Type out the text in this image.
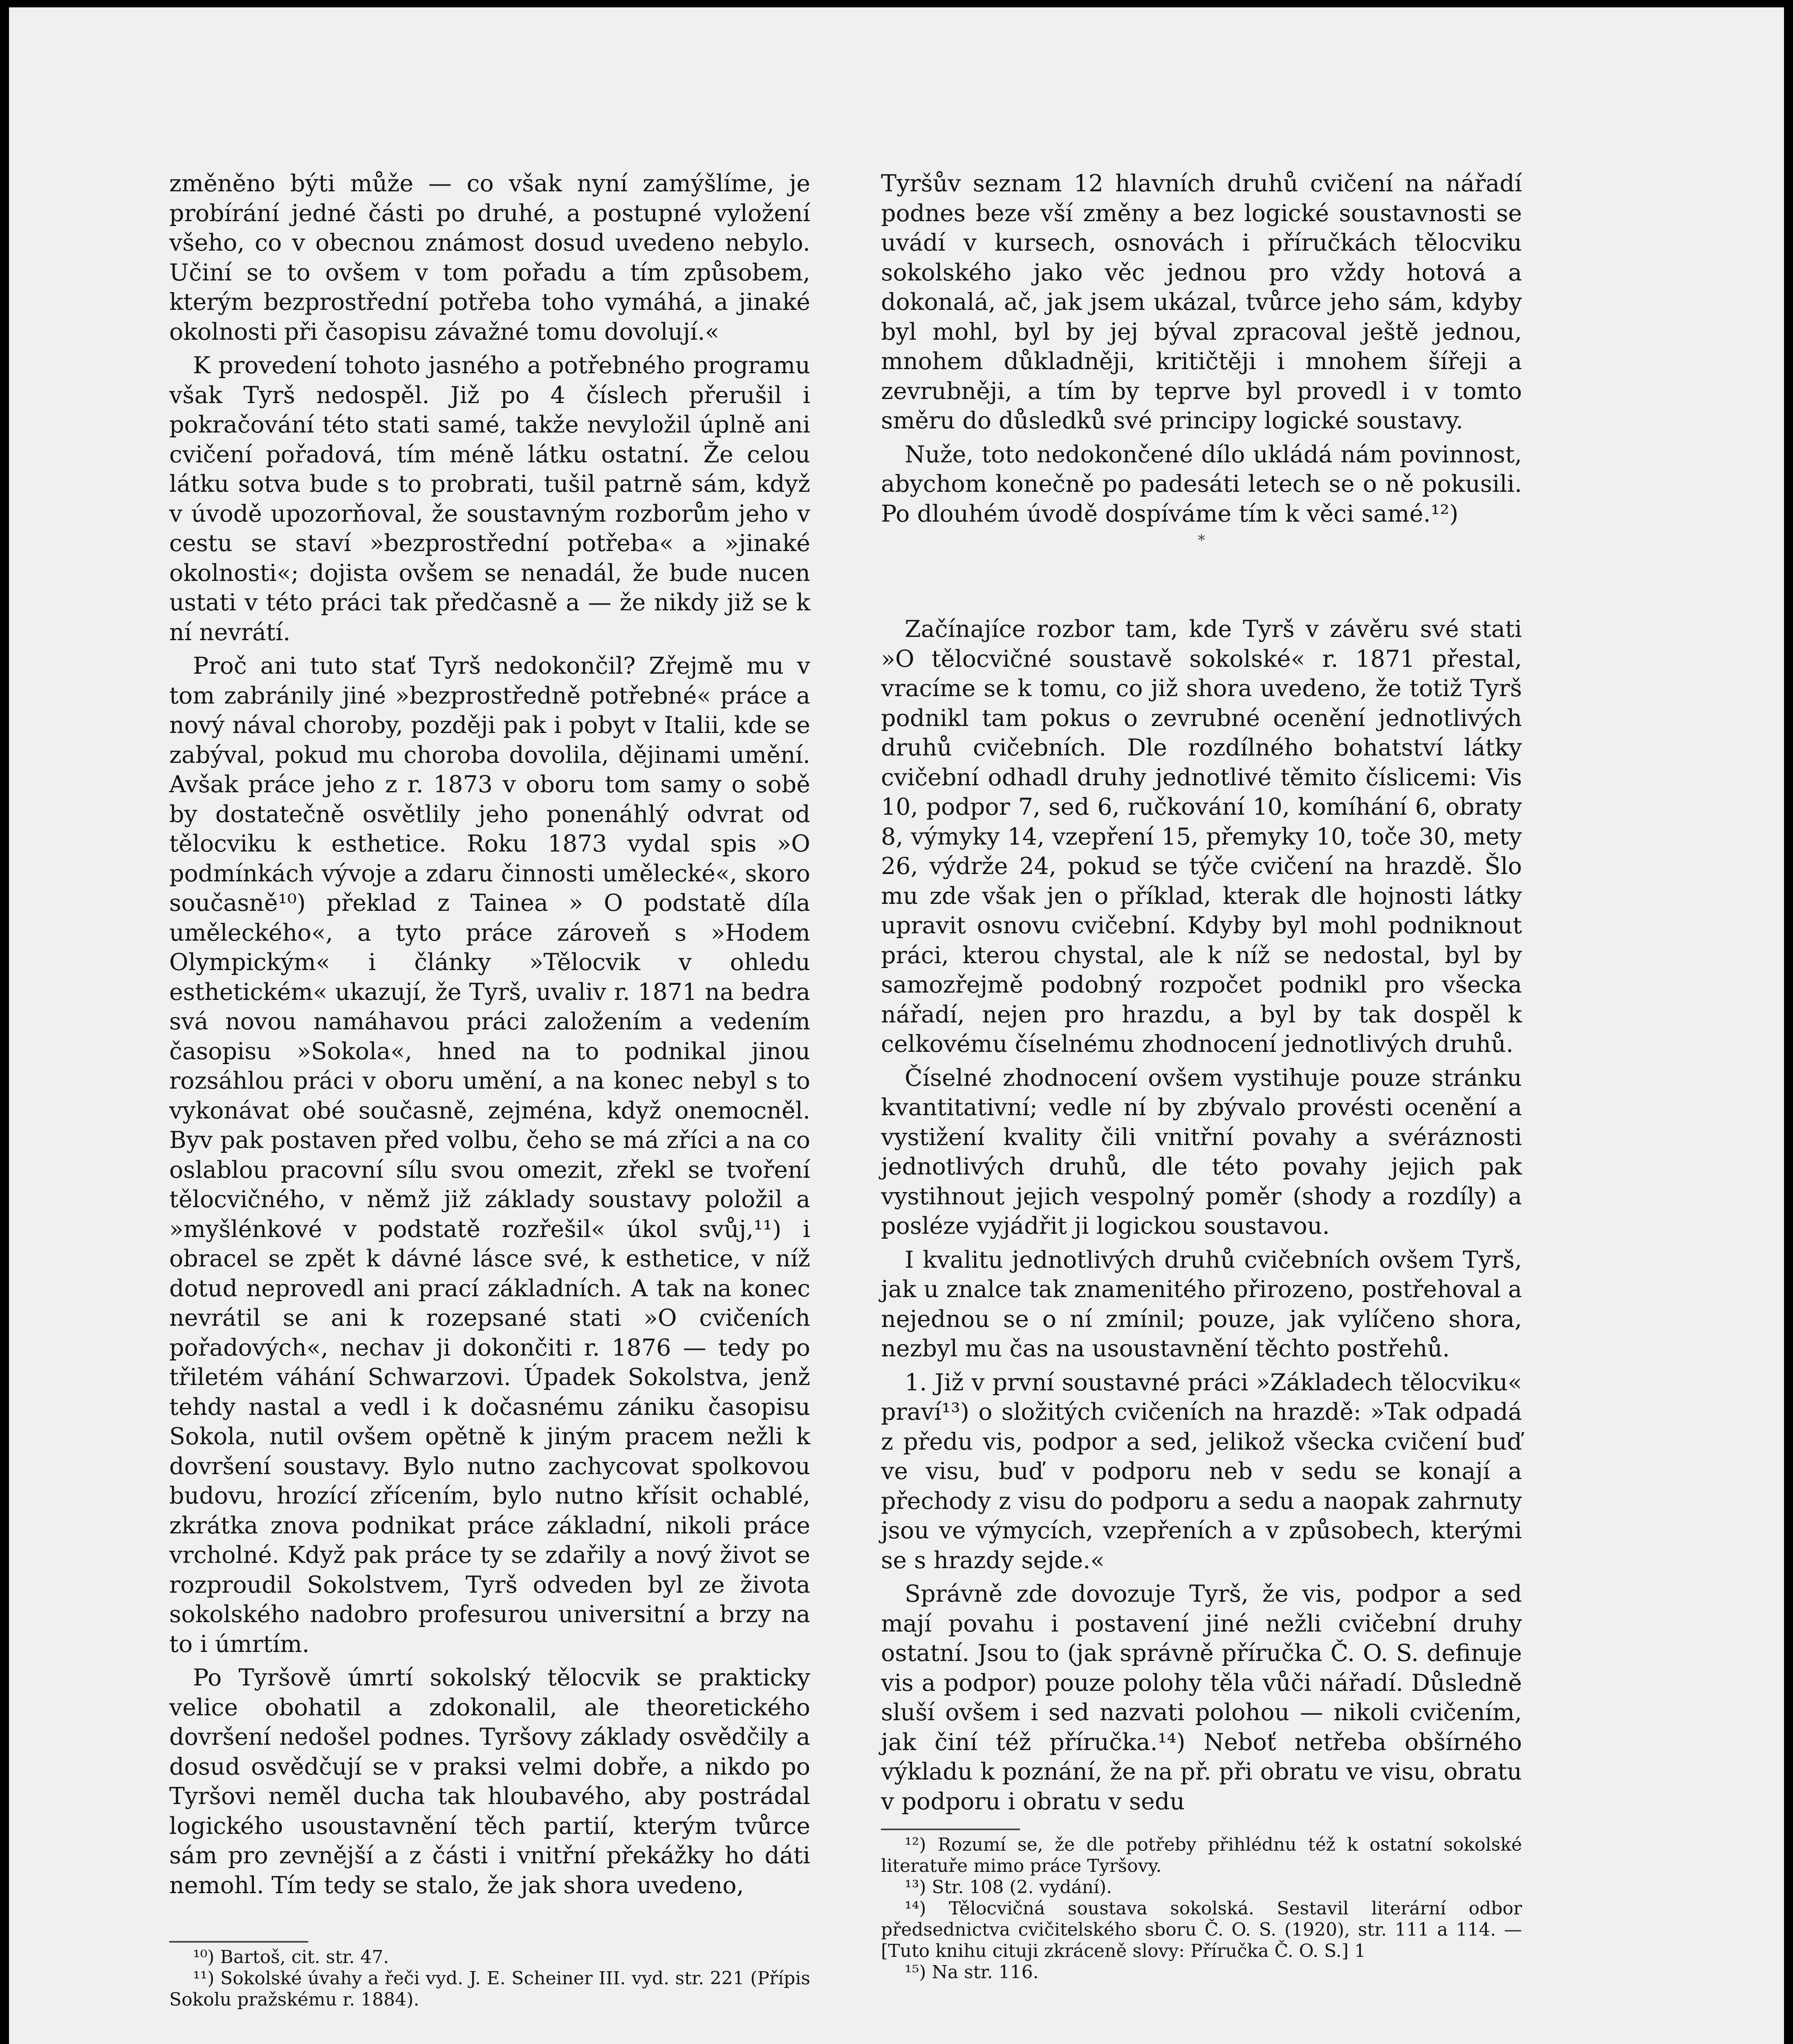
změněno býti může — co však nyní zamýšlíme, je probírání jedné části po druhé, a postupné vyložení všeho, co v obecnou známost dosud uvedeno nebylo. Učiní se to ovšem v tom pořadu a tím způsobem, kterým bezprostřední potřeba toho vymáhá, a jinaké okolnosti při časopisu závažné tomu dovolují.«

K provedení tohoto jasného a potřebného programu však Tyrš nedospěl. Již po 4 číslech přerušil i pokračování této stati samé, takže nevyložil úplně ani cvičení pořadová, tím méně látku ostatní. Že celou látku sotva bude s to probrati, tušil patrně sám, když v úvodě upozorňoval, že soustavným rozborům jeho v cestu se staví »bezprostřední potřeba« a »jinaké okolnosti«; dojista ovšem se nenadál, že bude nucen ustati v této práci tak předčasně a — že nikdy již se k ní nevrátí.

Proč ani tuto stať Tyrš nedokončil? Zřejmě mu v tom zabránily jiné »bezprostředně potřebné« práce a nový nával choroby, později pak i pobyt v Italii, kde se zabýval, pokud mu choroba dovolila, dějinami umění. Avšak práce jeho z r. 1873 v oboru tom samy o sobě by dostatečně osvětlily jeho ponenáhlý odvrat od tělocviku k esthetice. Roku 1873 vydal spis »O podmínkách vývoje a zdaru činnosti umělecké«, skoro současně¹⁰) překlad z Tainea » O podstatě díla uměleckého«, a tyto práce zároveň s »Hodem Olympickým« i články »Tělocvik v ohledu esthetickém« ukazují, že Tyrš, uvaliv r. 1871 na bedra svá novou namáhavou práci založením a vedením časopisu »Sokola«, hned na to podnikal jinou rozsáhlou práci v oboru umění, a na konec nebyl s to vykonávat obé současně, zejména, když onemocněl. Byv pak postaven před volbu, čeho se má zříci a na co oslablou pracovní sílu svou omezit, zřekl se tvoření tělocvičného, v němž již základy soustavy položil a »myšlénkové v podstatě rozřešil« úkol svůj,¹¹) i obracel se zpět k dávné lásce své, k esthetice, v níž dotud neprovedl ani prací základních. A tak na konec nevrátil se ani k rozepsané stati »O cvičeních pořadových«, nechav ji dokončiti r. 1876 — tedy po třiletém váhání Schwarzovi. Úpadek Sokolstva, jenž tehdy nastal a vedl i k dočasnému zániku časopisu Sokola, nutil ovšem opětně k jiným pracem nežli k dovršení soustavy. Bylo nutno zachycovat spolkovou budovu, hrozící zřícením, bylo nutno křísit ochablé, zkrátka znova podnikat práce základní, nikoli práce vrcholné. Když pak práce ty se zdařily a nový život se rozproudil Sokolstvem, Tyrš odveden byl ze života sokolského nadobro profesurou universitní a brzy na to i úmrtím.

Po Tyršově úmrtí sokolský tělocvik se prakticky velice obohatil a zdokonalil, ale theoretického dovršení nedošel podnes. Tyršovy základy osvědčily a dosud osvědčují se v praksi velmi dobře, a nikdo po Tyršovi neměl ducha tak hloubavého, aby postrádal logického usoustavnění těch partií, kterým tvůrce sám pro zevnější a z části i vnitřní překážky ho dáti nemohl. Tím tedy se stalo, že jak shora uvedeno,

¹⁰) Bartoš, cit. str. 47.

¹¹) Sokolské úvahy a řeči vyd. J. E. Scheiner III. vyd. str. 221 (Přípis Sokolu pražskému r. 1884).

Tyršův seznam 12 hlavních druhů cvičení na nářadí podnes beze vší změny a bez logické soustavnosti se uvádí v kursech, osnovách i příručkách tělocviku sokolského jako věc jednou pro vždy hotová a dokonalá, ač, jak jsem ukázal, tvůrce jeho sám, kdyby byl mohl, byl by jej býval zpracoval ještě jednou, mnohem důkladněji, kritičtěji i mnohem šířeji a zevrubněji, a tím by teprve byl provedl i v tomto směru do důsledků své principy logické soustavy.

Nuže, toto nedokončené dílo ukládá nám povinnost, abychom konečně po padesáti letech se o ně pokusili. Po dlouhém úvodě dospíváme tím k věci samé.¹²)

*

Začínajíce rozbor tam, kde Tyrš v závěru své stati »O tělocvičné soustavě sokolské« r. 1871 přestal, vracíme se k tomu, co již shora uvedeno, že totiž Tyrš podnikl tam pokus o zevrubné ocenění jednotlivých druhů cvičebních. Dle rozdílného bohatství látky cvičební odhadl druhy jednotlivé těmito číslicemi: Vis 10, podpor 7, sed 6, ručkování 10, komíhání 6, obraty 8, výmyky 14, vzepření 15, přemyky 10, toče 30, mety 26, výdrže 24, pokud se týče cvičení na hrazdě. Šlo mu zde však jen o příklad, kterak dle hojnosti látky upravit osnovu cvičební. Kdyby byl mohl podniknout práci, kterou chystal, ale k níž se nedostal, byl by samozřejmě podobný rozpočet podnikl pro všecka nářadí, nejen pro hrazdu, a byl by tak dospěl k celkovému číselnému zhodnocení jednotlivých druhů.

Číselné zhodnocení ovšem vystihuje pouze stránku kvantitativní; vedle ní by zbývalo provésti ocenění a vystižení kvality čili vnitřní povahy a svéráznosti jednotlivých druhů, dle této povahy jejich pak vystihnout jejich vespolný poměr (shody a rozdíly) a posléze vyjádřit ji logickou soustavou.

I kvalitu jednotlivých druhů cvičebních ovšem Tyrš, jak u znalce tak znamenitého přirozeno, postřehoval a nejednou se o ní zmínil; pouze, jak vylíčeno shora, nezbyl mu čas na usoustavnění těchto postřehů.

1. Již v první soustavné práci »Základech tělocviku« praví¹³) o složitých cvičeních na hrazdě: »Tak odpadá z předu vis, podpor a sed, jelikož všecka cvičení buď ve visu, buď v podporu neb v sedu se konají a přechody z visu do podporu a sedu a naopak zahrnuty jsou ve výmycích, vzepřeních a v způsobech, kterými se s hrazdy sejde.«

Správně zde dovozuje Tyrš, že vis, podpor a sed mají povahu i postavení jiné nežli cvičební druhy ostatní. Jsou to (jak správně příručka Č. O. S. definuje vis a podpor) pouze polohy těla vůči nářadí. Důsledně sluší ovšem i sed nazvati polohou — nikoli cvičením, jak činí též příručka.¹⁴) Neboť netřeba obšírného výkladu k poznání, že na př. při obratu ve visu, obratu v podporu i obratu v sedu

¹²) Rozumí se, že dle potřeby přihlédnu též k ostatní sokolské literatuře mimo práce Tyršovy.

¹³) Str. 108 (2. vydání).

¹⁴) Tělocvičná soustava sokolská. Sestavil literární odbor předsednictva cvičitelského sboru Č. O. S. (1920), str. 111 a 114. — [Tuto knihu cituji zkráceně slovy: Příručka Č. O. S.] 1

¹⁵) Na str. 116.
